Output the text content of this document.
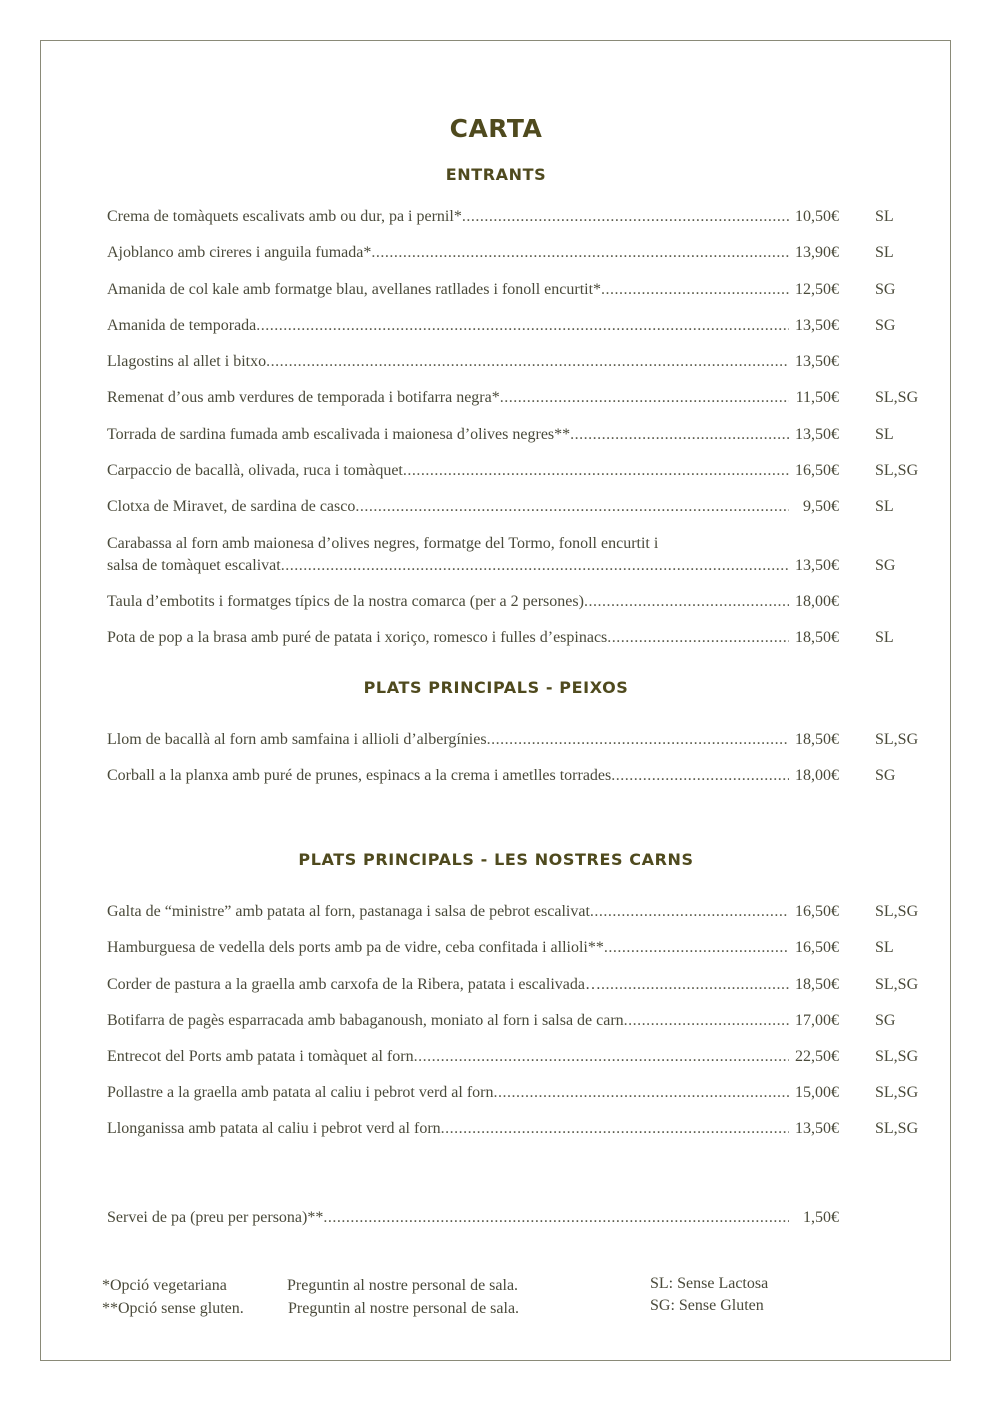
CARTA
ENTRANTS
PLATS PRINCIPALS - PEIXOS
PLATS PRINCIPALS - LES NOSTRES CARNS
Crema de tomàquets escalivats amb ou dur, pa i pernil* .....	10,50€ SL
Ajoblanco amb cireres i anguila fumada* .....	13,90€ SL
Amanida de col kale amb formatge blau, avellanes ratllades i fonoll encurtit* .....	12,50€ SG
Amanida de temporada .....	13,50€ SG
Llagostins al allet i bitxo .....	13,50€
Remenat d’ous amb verdures de temporada i botifarra negra* .....	11,50€ SL,SG
Torrada de sardina fumada amb escalivada i maionesa d’olives negres** .....	13,50€ SL
Carpaccio de bacallà, olivada, ruca i tomàquet .....	16,50€ SL,SG
Clotxa de Miravet, de sardina de casco .....	9,50€ SL
Carabassa al forn amb maionesa d’olives negres, formatge del Tormo, fonoll encurtit i
salsa de tomàquet escalivat .....	13,50€ SG
Taula d’embotits i formatges típics de la nostra comarca (per a 2 persones) .....	18,00€
Pota de pop a la brasa amb puré de patata i xoriço, romesco i fulles d’espinacs .....	18,50€ SL
Llom de bacallà al forn amb samfaina i allioli d’albergínies .....	18,50€ SL,SG
Corball a la planxa amb puré de prunes, espinacs a la crema i ametlles torrades .....	18,00€ SG
Galta de “ministre” amb patata al forn, pastanaga i salsa de pebrot escalivat .....	16,50€ SL,SG
Hamburguesa de vedella dels ports amb pa de vidre, ceba confitada i allioli** .....	16,50€ SL
Corder de pastura a la graella amb carxofa de la Ribera, patata i escalivada… .....	18,50€ SL,SG
Botifarra de pagès esparracada amb babaganoush, moniato al forn i salsa de carn .....	17,00€ SG
Entrecot del Ports amb patata i tomàquet al forn .....	22,50€ SL,SG
Pollastre a la graella amb patata al caliu i pebrot verd al forn .....	15,00€ SL,SG
Llonganissa amb patata al caliu i pebrot verd al forn .....	13,50€ SL,SG
Servei de pa (preu per persona)** .....	1,50€
*Opció vegetariana	Preguntin al nostre personal de sala.
**Opció sense gluten.	Preguntin al nostre personal de sala.
SL: Sense Lactosa
SG: Sense Gluten
